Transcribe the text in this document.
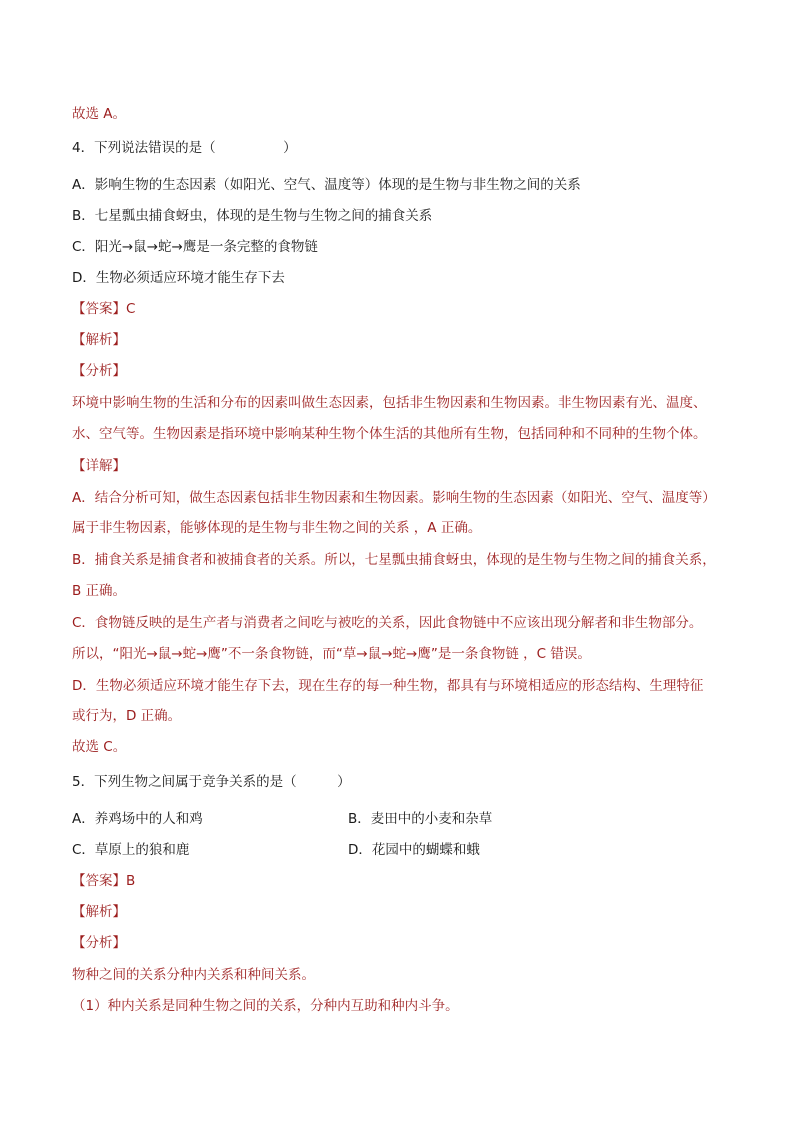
故选 A。
4．下列说法错误的是（　　　　　）
A．影响生物的生态因素（如阳光、空气、温度等）体现的是生物与非生物之间的关系
B．七星瓢虫捕食蚜虫，体现的是生物与生物之间的捕食关系
C．阳光→鼠→蛇→鹰是一条完整的食物链
D．生物必须适应环境才能生存下去
【答案】C
【解析】
【分析】
环境中影响生物的生活和分布的因素叫做生态因素，包括非生物因素和生物因素。非生物因素有光、温度、
水、空气等。生物因素是指环境中影响某种生物个体生活的其他所有生物，包括同种和不同种的生物个体。
【详解】
A．结合分析可知，做生态因素包括非生物因素和生物因素。影响生物的生态因素（如阳光、空气、温度等）
属于非生物因素，能够体现的是生物与非生物之间的关系 ，A 正确。
B．捕食关系是捕食者和被捕食者的关系。所以，七星瓢虫捕食蚜虫，体现的是生物与生物之间的捕食关系，
B 正确。
C．食物链反映的是生产者与消费者之间吃与被吃的关系，因此食物链中不应该出现分解者和非生物部分。
所以，“阳光→鼠→蛇→鹰”不一条食物链，而“草→鼠→蛇→鹰”是一条食物链 ，C 错误。
D．生物必须适应环境才能生存下去，现在生存的每一种生物，都具有与环境相适应的形态结构、生理特征
或行为，D 正确。
故选 C。
5．下列生物之间属于竞争关系的是（　　　）
A．养鸡场中的人和鸡	B．麦田中的小麦和杂草
C．草原上的狼和鹿	D．花园中的蝴蝶和蛾
【答案】B
【解析】
【分析】
物种之间的关系分种内关系和种间关系。
（1）种内关系是同种生物之间的关系，分种内互助和种内斗争。
